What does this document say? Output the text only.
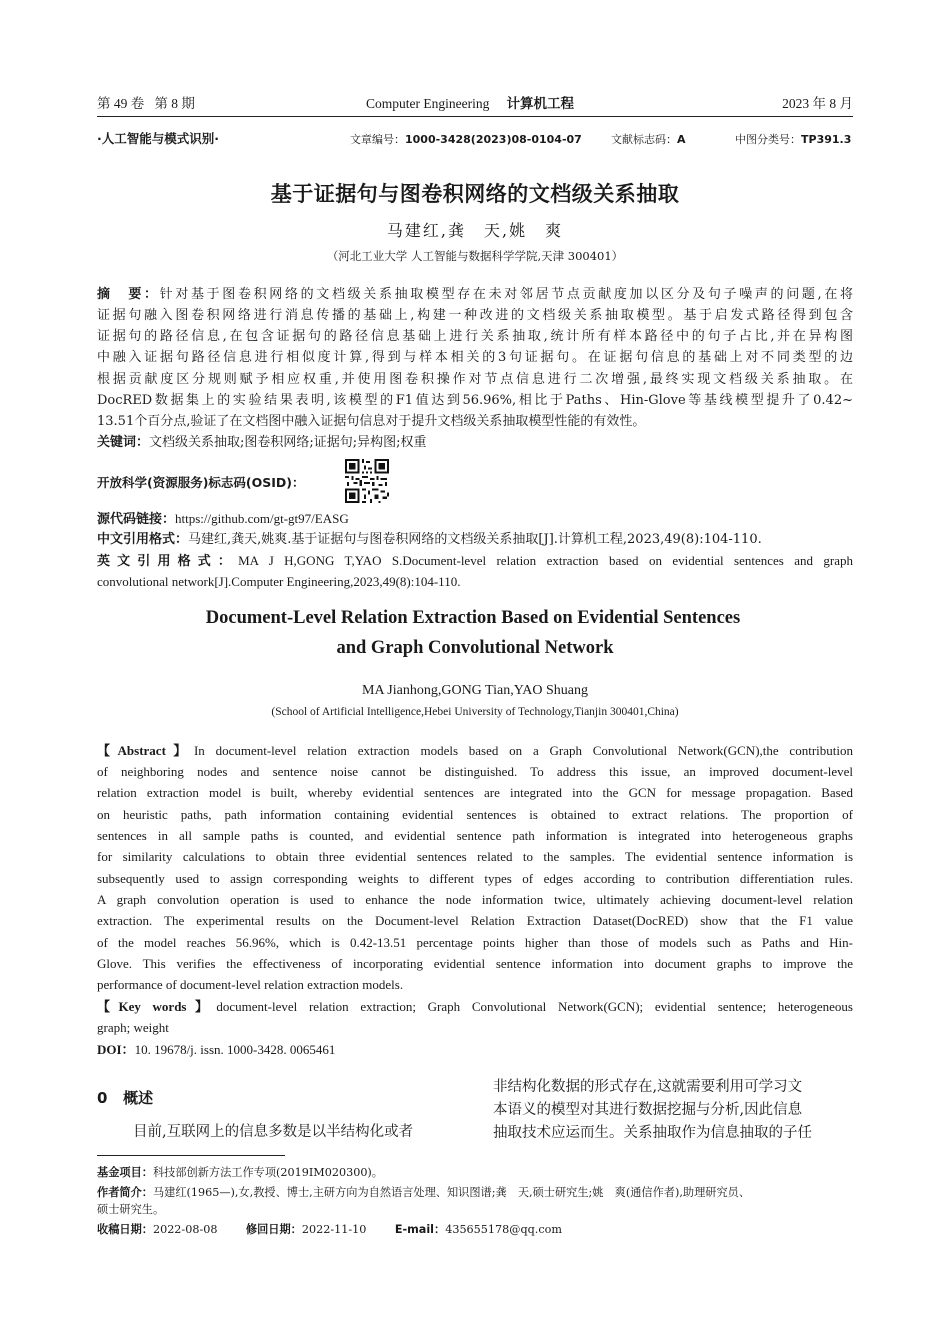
第 49 卷 第 8 期	Computer Engineering 计算机工程	2023 年 8 月
·人工智能与模式识别·	文章编号：1000-3428(2023)08-0104-07	文献标志码：A	中图分类号：TP391.3
基于证据句与图卷积网络的文档级关系抽取
马建红,龚　天,姚　爽
（河北工业大学 人工智能与数据科学学院,天津 300401）
摘　要：针对基于图卷积网络的文档级关系抽取模型存在未对邻居节点贡献度加以区分及句子噪声的问题,在将
证据句融入图卷积网络进行消息传播的基础上,构建一种改进的文档级关系抽取模型。基于启发式路径得到包含
证据句的路径信息,在包含证据句的路径信息基础上进行关系抽取,统计所有样本路径中的句子占比,并在异构图
中融入证据句路径信息进行相似度计算,得到与样本相关的3句证据句。在证据句信息的基础上对不同类型的边
根据贡献度区分规则赋予相应权重,并使用图卷积操作对节点信息进行二次增强,最终实现文档级关系抽取。在
DocRED数据集上的实验结果表明,该模型的F1值达到56.96%,相比于Paths、Hin-Glove等基线模型提升了0.42~
13.51个百分点,验证了在文档图中融入证据句信息对于提升文档级关系抽取模型性能的有效性。
关键词：文档级关系抽取;图卷积网络;证据句;异构图;权重
开放科学(资源服务)标志码(OSID)：
源代码链接：https://github.com/gt-gt97/EASG
中文引用格式：马建红,龚天,姚爽.基于证据句与图卷积网络的文档级关系抽取[J].计算机工程,2023,49(8):104-110.
英文引用格式：MA J H,GONG T,YAO S.Document-level relation extraction based on evidential sentences and graph
convolutional network[J].Computer Engineering,2023,49(8):104-110.
Document-Level Relation Extraction Based on Evidential Sentences
and Graph Convolutional Network
MA Jianhong,GONG Tian,YAO Shuang
(School of Artificial Intelligence,Hebei University of Technology,Tianjin 300401,China)
【Abstract】In document-level relation extraction models based on a Graph Convolutional Network(GCN),the contribution
of neighboring nodes and sentence noise cannot be distinguished. To address this issue, an improved document-level
relation extraction model is built, whereby evidential sentences are integrated into the GCN for message propagation. Based
on heuristic paths, path information containing evidential sentences is obtained to extract relations. The proportion of
sentences in all sample paths is counted, and evidential sentence path information is integrated into heterogeneous graphs
for similarity calculations to obtain three evidential sentences related to the samples. The evidential sentence information is
subsequently used to assign corresponding weights to different types of edges according to contribution differentiation rules.
A graph convolution operation is used to enhance the node information twice, ultimately achieving document-level relation
extraction. The experimental results on the Document-level Relation Extraction Dataset(DocRED) show that the F1 value
of the model reaches 56.96%, which is 0.42-13.51 percentage points higher than those of models such as Paths and Hin-
Glove. This verifies the effectiveness of incorporating evidential sentence information into document graphs to improve the
performance of document-level relation extraction models.
【Key words】document-level relation extraction; Graph Convolutional Network(GCN); evidential sentence; heterogeneous
graph; weight
DOI：10. 19678/j. issn. 1000-3428. 0065461
0 概述
目前,互联网上的信息多数是以半结构化或者
非结构化数据的形式存在,这就需要利用可学习文
本语义的模型对其进行数据挖掘与分析,因此信息
抽取技术应运而生。关系抽取作为信息抽取的子任
基金项目：科技部创新方法工作专项(2019IM020300)。
作者简介：马建红(1965—),女,教授、博士,主研方向为自然语言处理、知识图谱;龚　天,硕士研究生;姚　爽(通信作者),助理研究员、
硕士研究生。
收稿日期：2022-08-08	修回日期：2022-11-10	E-mail：435655178@qq.com
